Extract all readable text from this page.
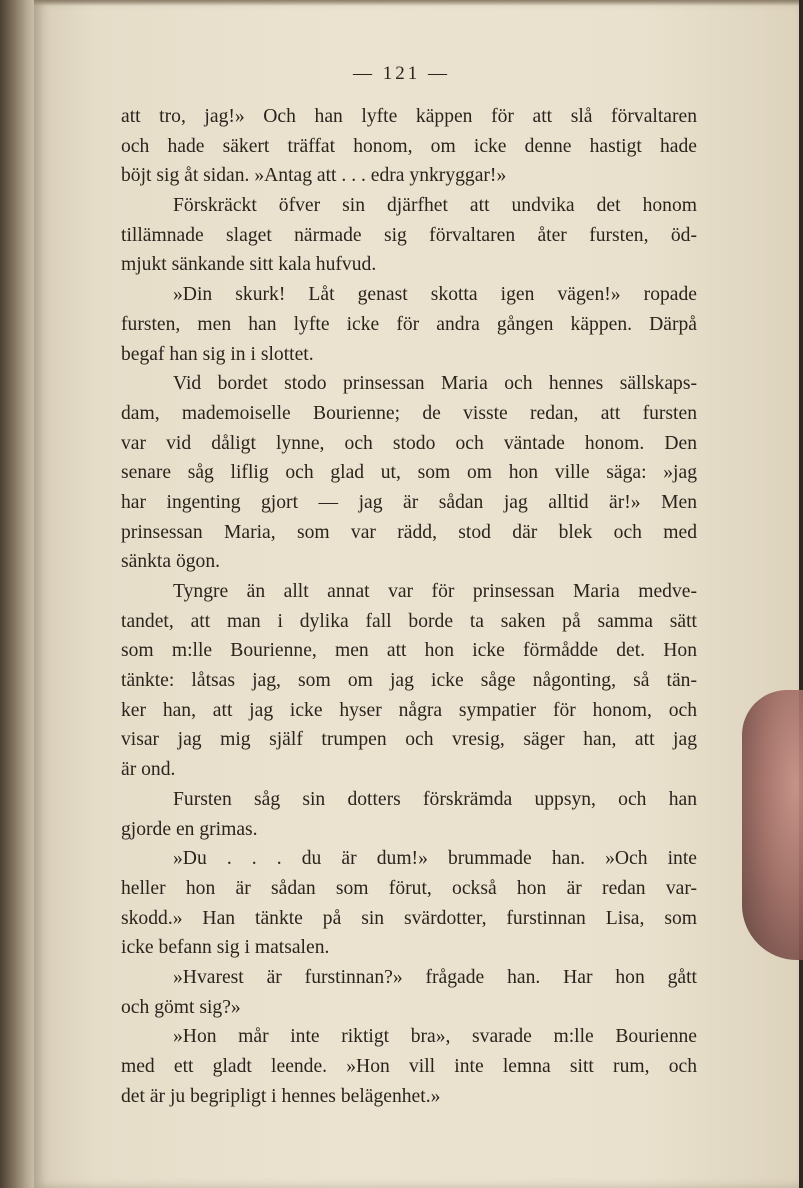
— 121 —
att tro, jag!» Och han lyfte käppen för att slå förvaltaren
och hade säkert träffat honom, om icke denne hastigt hade
böjt sig åt sidan. »Antag att . . . edra ynkryggar!»
Förskräckt öfver sin djärfhet att undvika det honom
tillämnade slaget närmade sig förvaltaren åter fursten, öd-
mjukt sänkande sitt kala hufvud.
»Din skurk! Låt genast skotta igen vägen!» ropade
fursten, men han lyfte icke för andra gången käppen. Därpå
begaf han sig in i slottet.
Vid bordet stodo prinsessan Maria och hennes sällskaps-
dam, mademoiselle Bourienne; de visste redan, att fursten
var vid dåligt lynne, och stodo och väntade honom. Den
senare såg liflig och glad ut, som om hon ville säga: »jag
har ingenting gjort — jag är sådan jag alltid är!» Men
prinsessan Maria, som var rädd, stod där blek och med
sänkta ögon.
Tyngre än allt annat var för prinsessan Maria medve-
tandet, att man i dylika fall borde ta saken på samma sätt
som m:lle Bourienne, men att hon icke förmådde det. Hon
tänkte: låtsas jag, som om jag icke såge någonting, så tän-
ker han, att jag icke hyser några sympatier för honom, och
visar jag mig själf trumpen och vresig, säger han, att jag
är ond.
Fursten såg sin dotters förskrämda uppsyn, och han
gjorde en grimas.
»Du . . . du är dum!» brummade han. »Och inte
heller hon är sådan som förut, också hon är redan var-
skodd.» Han tänkte på sin svärdotter, furstinnan Lisa, som
icke befann sig i matsalen.
»Hvarest är furstinnan?» frågade han. Har hon gått
och gömt sig?»
»Hon mår inte riktigt bra», svarade m:lle Bourienne
med ett gladt leende. »Hon vill inte lemna sitt rum, och
det är ju begripligt i hennes belägenhet.»
